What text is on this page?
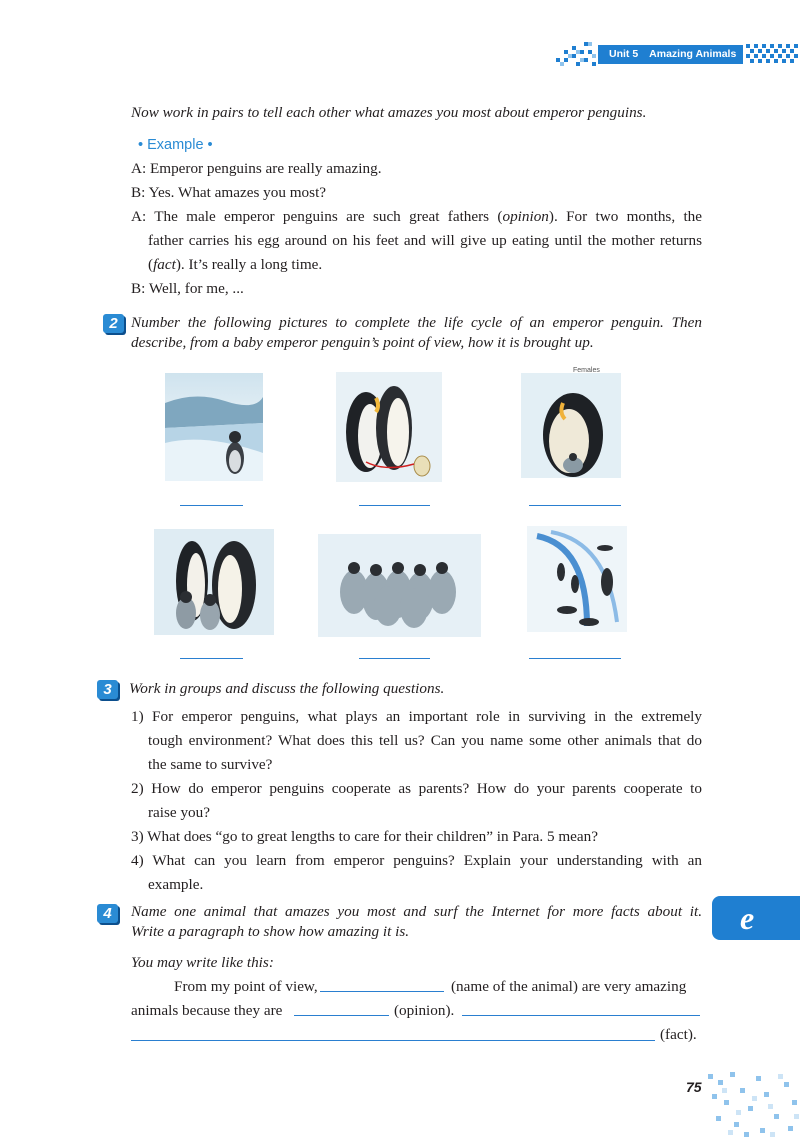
Unit 5 Amazing Animals
Now work in pairs to tell each other what amazes you most about emperor penguins.
• Example •
A: Emperor penguins are really amazing.
B: Yes. What amazes you most?
A: The male emperor penguins are such great fathers (opinion). For two months, the
father carries his egg around on his feet and will give up eating until the mother returns
(fact). It’s really a long time.
B: Well, for me, ...
2 Number the following pictures to complete the life cycle of an emperor penguin. Then
describe, from a baby emperor penguin’s point of view, how it is brought up.
Females
3	Work in groups and discuss the following questions.
1) For emperor penguins, what plays an important role in surviving in the extremely
tough environment? What does this tell us? Can you name some other animals that do
the same to survive?
2) How do emperor penguins cooperate as parents? How do your parents cooperate to
raise you?
3) What does “go to great lengths to care for their children” in Para. 5 mean?
4) What can you learn from emperor penguins? Explain your understanding with an
example.
4	Name one animal that amazes you most and surf the Internet for more facts about it.
Write a paragraph to show how amazing it is.
You may write like this:
From my point of view,	(name of the animal) are very amazing
animals because they are	(opinion).
(fact).
e
75
